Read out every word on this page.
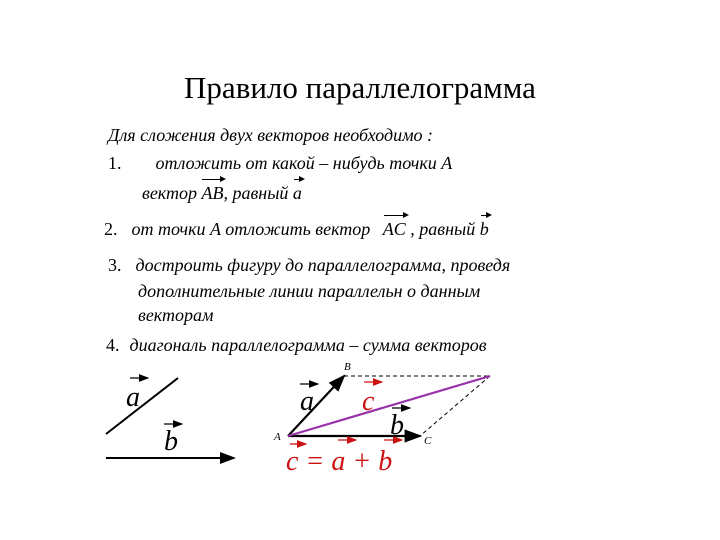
Правило параллелограмма
Для сложения двух векторов необходимо :
1. отложить от какой – нибудь точки A
вектор AB, равный a
2. от точки A отложить вектор AC , равный b
3. достроить фигуру до параллелограмма, проведя
дополнительные линии параллельн о данным
векторам
4. диагональ параллелограмма – сумма векторов
a
b
a c
b
B
A	C
c = a + b
